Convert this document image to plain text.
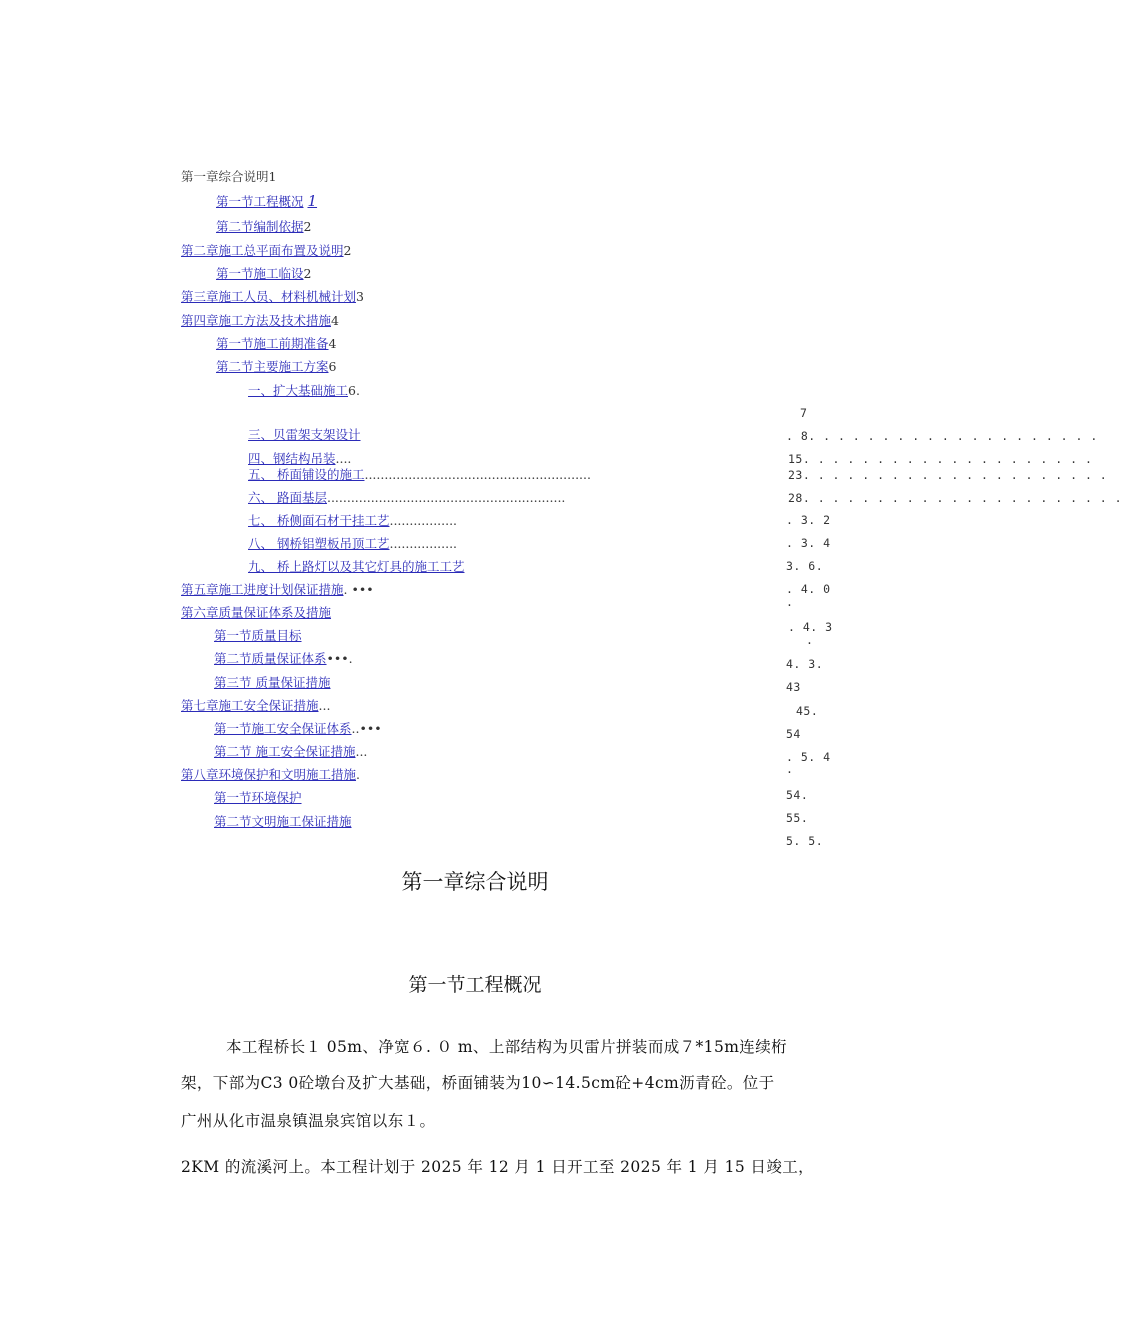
第一章综合说明1
第一节工程概况 1
第二节编制依据2
第二章施工总平面布置及说明2
第一节施工临设2
第三章施工人员、材料机械计划3
第四章施工方法及技术措施4
第一节施工前期准备4
第二节主要施工方案6
一、扩大基础施工6.
三、贝雷架支架设计
四、钢结构吊装....
五、 桥面铺设的施工.........................................................
六、 路面基层............................................................
七、 桥侧面石材干挂工艺.................
八、 钢桥铝塑板吊顶工艺.................
九、 桥上路灯以及其它灯具的施工工艺
第五章施工进度计划保证措施. •••
第六章质量保证体系及措施
第一节质量目标
第二节质量保证体系•••.
第三节 质量保证措施
第七章施工安全保证措施...
第一节施工安全保证体系..•••
第二节 施工安全保证措施...
第八章环境保护和文明施工措施.
第一节环境保护
第二节文明施工保证措施
7
. 8. . . . . . . . . . . . . . . . . . . .
15. . . . . . . . . . . . . . . . . . . .
23. . . . . . . . . . . . . . . . . . . . .
28. . . . . . . . . . . . . . . . . . . . . .
. 3. 2
. 3. 4
3. 6.
. 4. 0
·
. 4. 3
·
4. 3.
43
45.
54
. 5. 4
·
54.
55.
5. 5.
第一章综合说明
第一节工程概况
本工程桥长１ 05m、净宽６. ０ m、上部结构为贝雷片拼装而成７*15m连续桁
架，下部为C3 0砼墩台及扩大基础，桥面铺装为10∽14.5cm砼+4cm沥青砼。位于
广州从化市温泉镇温泉宾馆以东１。
2KM 的流溪河上。本工程计划于 2025 年 12 月 1 日开工至 2025 年 1 月 15 日竣工，
